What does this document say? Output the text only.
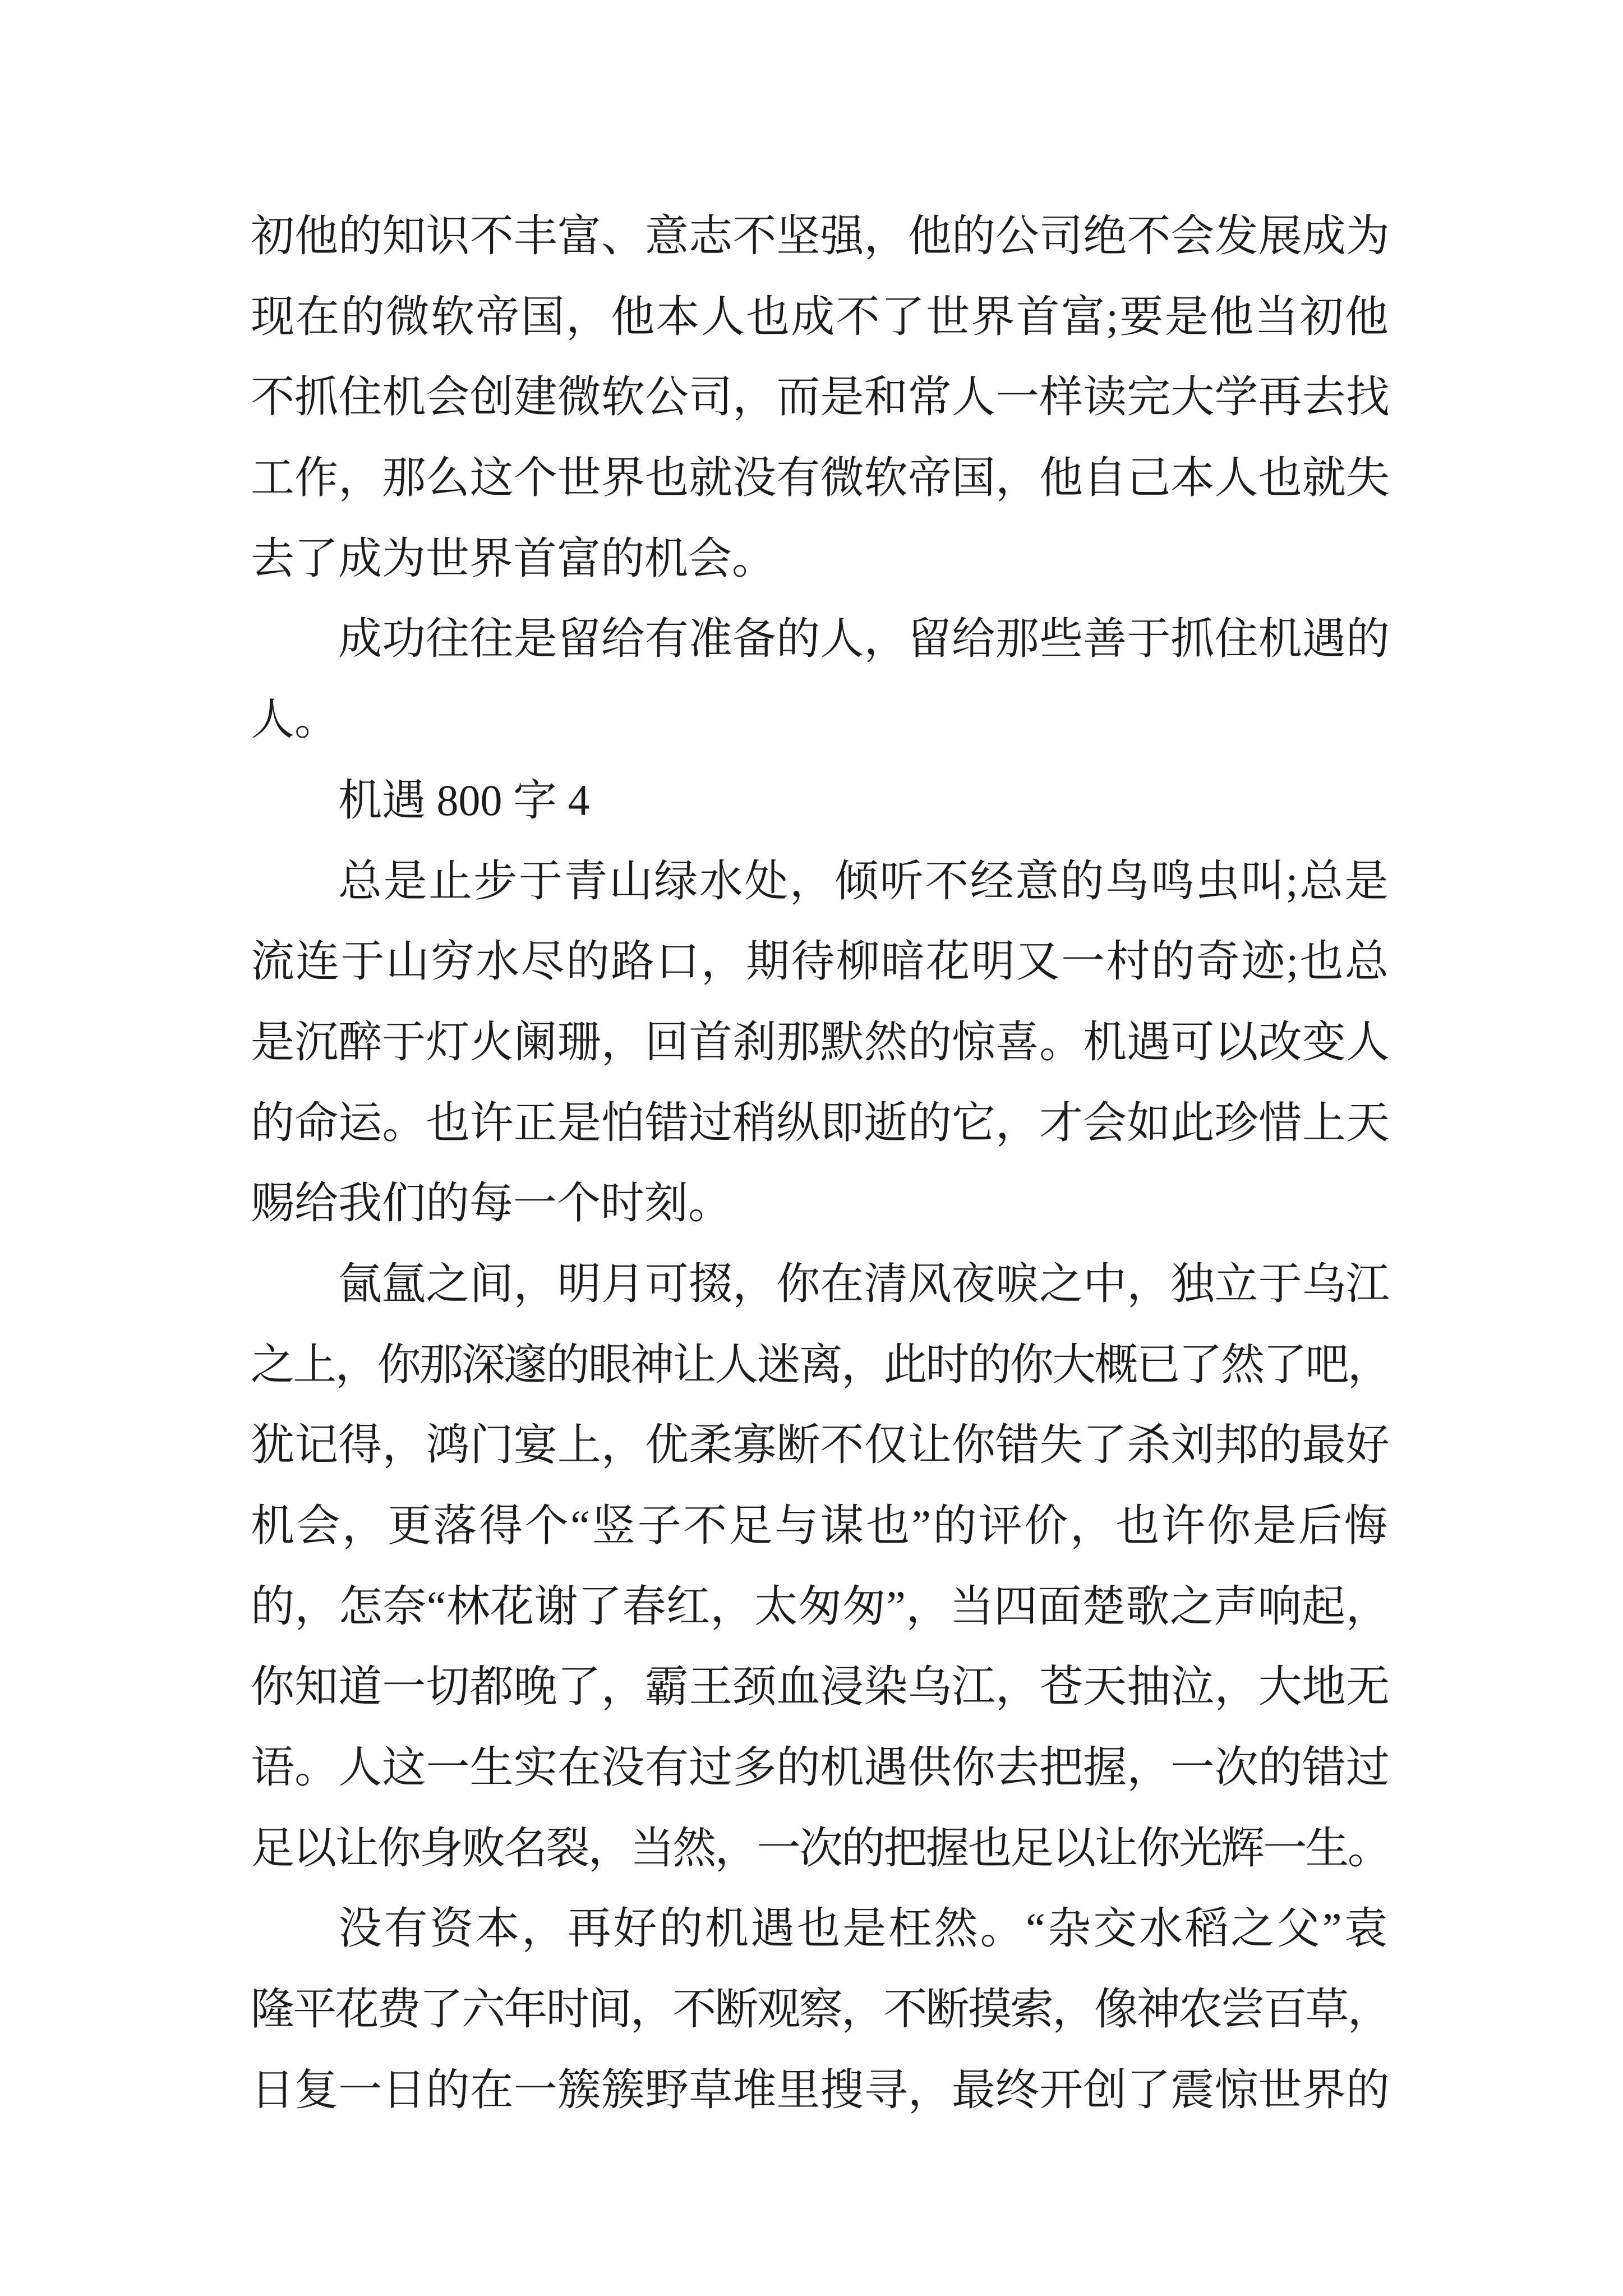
初他的知识不丰富、意志不坚强，他的公司绝不会发展成为
现在的微软帝国，他本人也成不了世界首富;要是他当初他
不抓住机会创建微软公司，而是和常人一样读完大学再去找
工作，那么这个世界也就没有微软帝国，他自己本人也就失
去了成为世界首富的机会。
成功往往是留给有准备的人，留给那些善于抓住机遇的
人。
机遇 800 字 4
总是止步于青山绿水处，倾听不经意的鸟鸣虫叫;总是
流连于山穷水尽的路口，期待柳暗花明又一村的奇迹;也总
是沉醉于灯火阑珊，回首刹那默然的惊喜。机遇可以改变人
的命运。也许正是怕错过稍纵即逝的它，才会如此珍惜上天
赐给我们的每一个时刻。
氤氲之间，明月可掇，你在清风夜唳之中，独立于乌江
之上，你那深邃的眼神让人迷离，此时的你大概已了然了吧，
犹记得，鸿门宴上，优柔寡断不仅让你错失了杀刘邦的最好
机会，更落得个“竖子不足与谋也”的评价，也许你是后悔
的，怎奈“林花谢了春红，太匆匆”，当四面楚歌之声响起，
你知道一切都晚了，霸王颈血浸染乌江，苍天抽泣，大地无
语。人这一生实在没有过多的机遇供你去把握，一次的错过
足以让你身败名裂，当然，一次的把握也足以让你光辉一生。
没有资本，再好的机遇也是枉然。“杂交水稻之父”袁
隆平花费了六年时间，不断观察，不断摸索，像神农尝百草，
日复一日的在一簇簇野草堆里搜寻，最终开创了震惊世界的
